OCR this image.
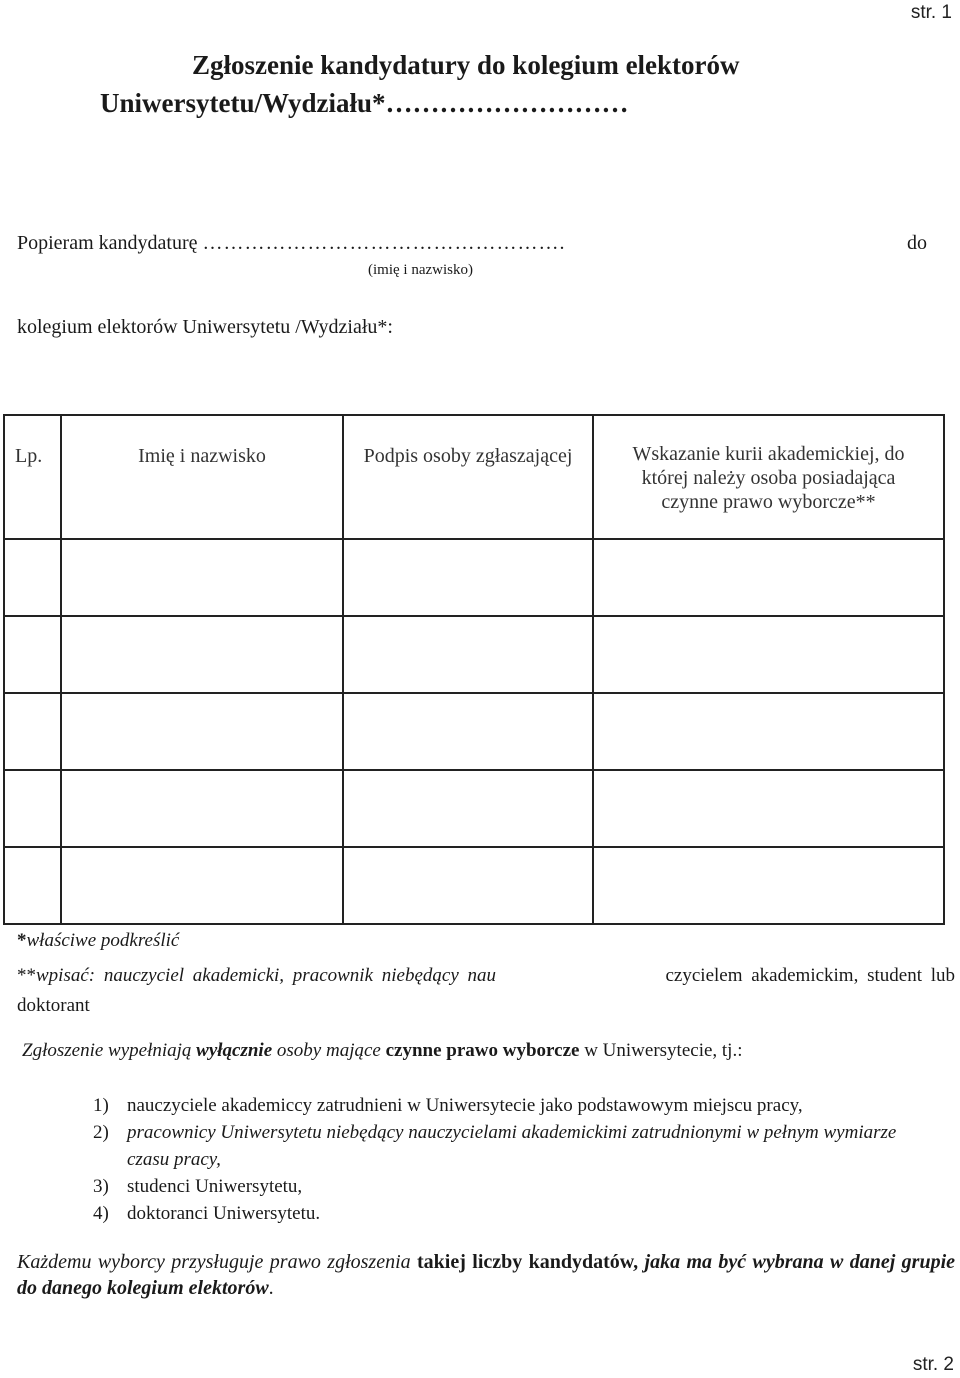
str. 1
Zgłoszenie kandydatury do kolegium elektorów
Uniwersytetu/Wydziału*………………………
Popieram kandydaturę …………………………………………….	do
(imię i nazwisko)
kolegium elektorów Uniwersytetu /Wydziału*:
Lp.	Imię i nazwisko	Podpis osoby zgłaszającej	Wskazanie kurii akademickiej, do której należy osoba posiadająca czynne prawo wyborcze**

*właściwe podkreślić
**wpisać: nauczyciel akademicki, pracownik niebędący nau	czycielem akademickim, student lub
doktorant
Zgłoszenie wypełniają wyłącznie osoby mające czynne prawo wyborcze w Uniwersytecie, tj.:
1) nauczyciele akademiccy zatrudnieni w Uniwersytecie jako podstawowym miejscu pracy,
2) pracownicy Uniwersytetu niebędący nauczycielami akademickimi zatrudnionymi w pełnym wymiarze czasu pracy,
3) studenci Uniwersytetu,
4) doktoranci Uniwersytetu.
Każdemu wyborcy przysługuje prawo zgłoszenia takiej liczby kandydatów, jaka ma być wybrana w danej grupie do danego kolegium elektorów.
str. 2
